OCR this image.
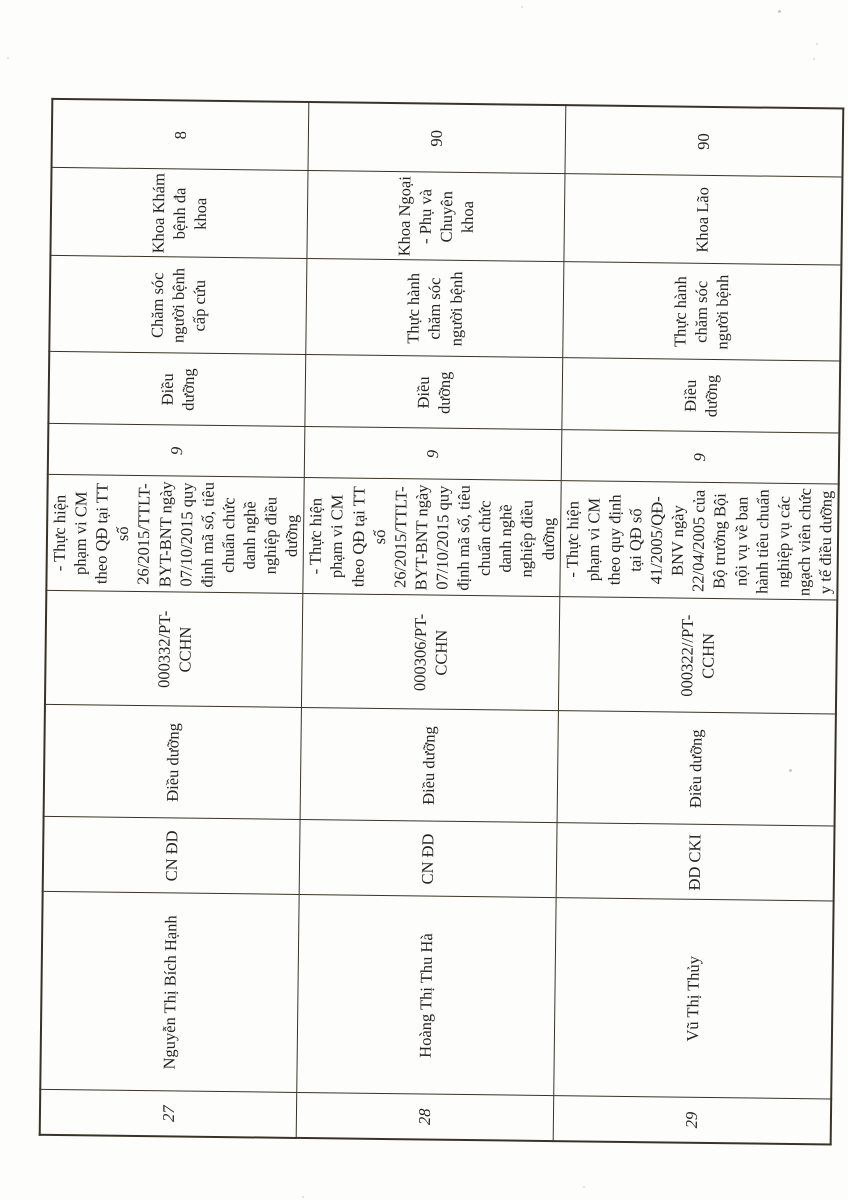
27	Nguyễn Thị Bích Hạnh	CN ĐD	Điều dưỡng	000332/PT-CCHN	- Thực hiện phạm vi CM theo QĐ tại TT số 26/2015/TTLT-BYT-BNT ngày 07/10/2015 quy định mã số, tiêu chuẩn chức danh nghề nghiệp điều dưỡng	9	Điều dưỡng	Chăm sóc người bệnh cấp cứu	Khoa Khám bệnh đa khoa	8
28	Hoàng Thị Thu Hà	CN ĐD	Điều dưỡng	000306/PT-CCHN	- Thực hiện phạm vi CM theo QĐ tại TT số 26/2015/TTLT-BYT-BNT ngày 07/10/2015 quy định mã số, tiêu chuẩn chức danh nghề nghiệp điều dưỡng	9	Điều dưỡng	Thực hành chăm sóc người bệnh	Khoa Ngoại - Phụ và Chuyên khoa	90
29	Vũ Thị Thủy	ĐD CKI	Điều dưỡng	000322//PT-CCHN	- Thực hiện phạm vi CM theo quy định tại QĐ số 41/2005/QĐ-BNV ngày 22/04/2005 của Bộ trưởng Bội nội vụ về ban hành tiêu chuẩn nghiệp vụ các ngạch viên chức y tế điều dưỡng	9	Điều dưỡng	Thực hành chăm sóc người bệnh	Khoa Lão	90
